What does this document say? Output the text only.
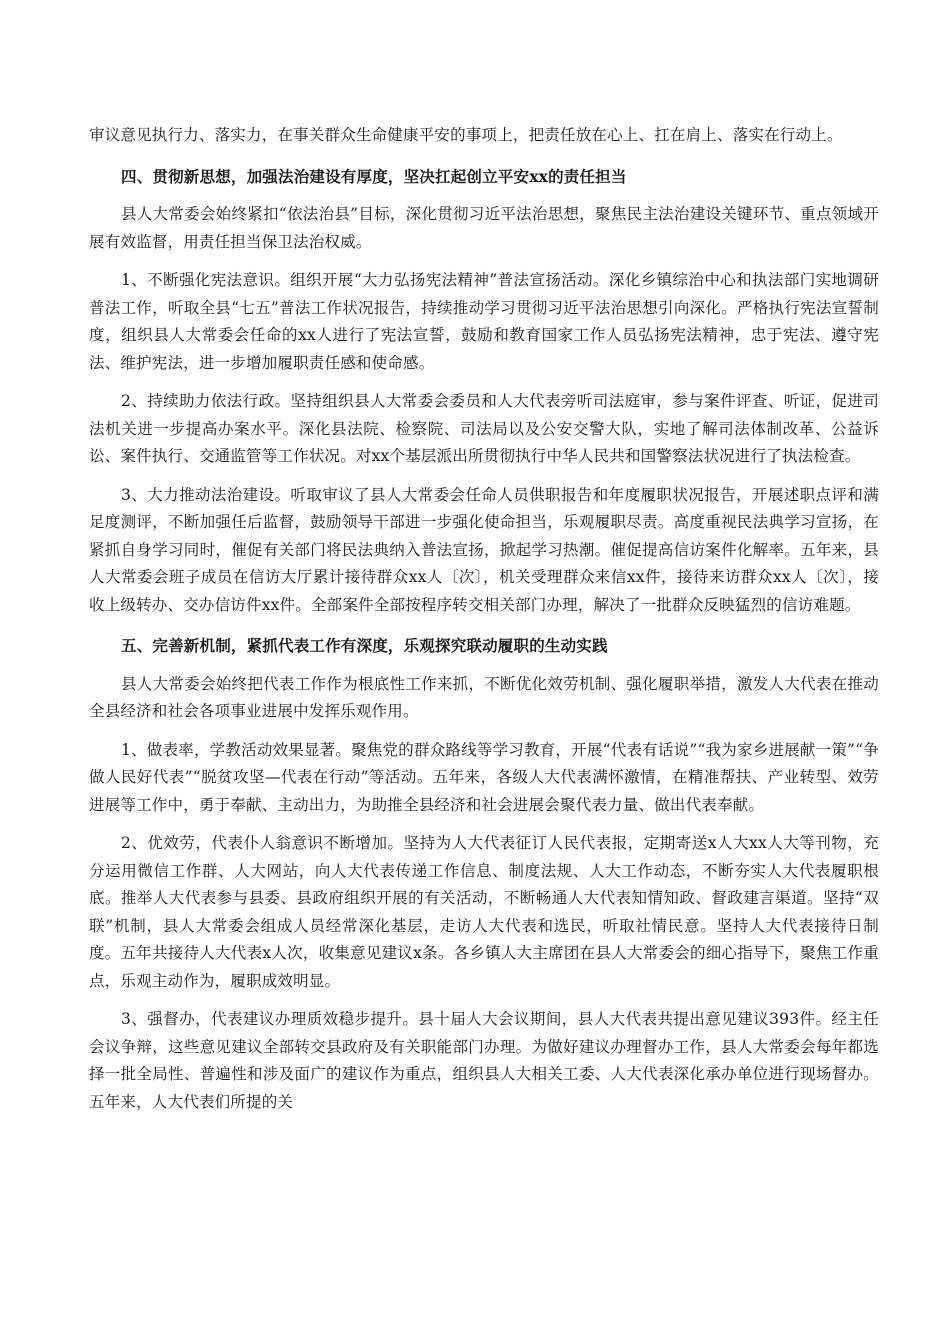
审议意见执行力、落实力，在事关群众生命健康平安的事项上，把责任放在心上、扛在肩上、落实在行动上。

四、贯彻新思想，加强法治建设有厚度，坚决扛起创立平安xx的责任担当

县人大常委会始终紧扣“依法治县”目标，深化贯彻习近平法治思想，聚焦民主法治建设关键环节、重点领域开展有效监督，用责任担当保卫法治权威。

1、不断强化宪法意识。组织开展“大力弘扬宪法精神”普法宣扬活动。深化乡镇综治中心和执法部门实地调研普法工作，听取全县“七五”普法工作状况报告，持续推动学习贯彻习近平法治思想引向深化。严格执行宪法宣誓制度，组织县人大常委会任命的xx人进行了宪法宣誓，鼓励和教育国家工作人员弘扬宪法精神，忠于宪法、遵守宪法、维护宪法，进一步增加履职责任感和使命感。

2、持续助力依法行政。坚持组织县人大常委会委员和人大代表旁听司法庭审，参与案件评查、听证，促进司法机关进一步提高办案水平。深化县法院、检察院、司法局以及公安交警大队，实地了解司法体制改革、公益诉讼、案件执行、交通监管等工作状况。对xx个基层派出所贯彻执行中华人民共和国警察法状况进行了执法检查。

3、大力推动法治建设。听取审议了县人大常委会任命人员供职报告和年度履职状况报告，开展述职点评和满足度测评，不断加强任后监督，鼓励领导干部进一步强化使命担当，乐观履职尽责。高度重视民法典学习宣扬，在紧抓自身学习同时，催促有关部门将民法典纳入普法宣扬，掀起学习热潮。催促提高信访案件化解率。五年来，县人大常委会班子成员在信访大厅累计接待群众xx人〔次〕，机关受理群众来信xx件，接待来访群众xx人〔次〕，接收上级转办、交办信访件xx件。全部案件全部按程序转交相关部门办理，解决了一批群众反映猛烈的信访难题。

五、完善新机制，紧抓代表工作有深度，乐观探究联动履职的生动实践

县人大常委会始终把代表工作作为根底性工作来抓，不断优化效劳机制、强化履职举措，激发人大代表在推动全县经济和社会各项事业进展中发挥乐观作用。

1、做表率，学教活动效果显著。聚焦党的群众路线等学习教育，开展“代表有话说”“我为家乡进展献一策”“争做人民好代表”“脱贫攻坚—代表在行动”等活动。五年来，各级人大代表满怀激情，在精准帮扶、产业转型、效劳进展等工作中，勇于奉献、主动出力，为助推全县经济和社会进展会聚代表力量、做出代表奉献。

2、优效劳，代表仆人翁意识不断增加。坚持为人大代表征订人民代表报，定期寄送x人大xx人大等刊物，充分运用微信工作群、人大网站，向人大代表传递工作信息、制度法规、人大工作动态，不断夯实人大代表履职根底。推举人大代表参与县委、县政府组织开展的有关活动，不断畅通人大代表知情知政、督政建言渠道。坚持“双联”机制，县人大常委会组成人员经常深化基层，走访人大代表和选民，听取社情民意。坚持人大代表接待日制度。五年共接待人大代表x人次，收集意见建议x条。各乡镇人大主席团在县人大常委会的细心指导下，聚焦工作重点，乐观主动作为，履职成效明显。

3、强督办，代表建议办理质效稳步提升。县十届人大会议期间，县人大代表共提出意见建议393件。经主任会议争辩，这些意见建议全部转交县政府及有关职能部门办理。为做好建议办理督办工作，县人大常委会每年都选择一批全局性、普遍性和涉及面广的建议作为重点，组织县人大相关工委、人大代表深化承办单位进行现场督办。五年来，人大代表们所提的关
